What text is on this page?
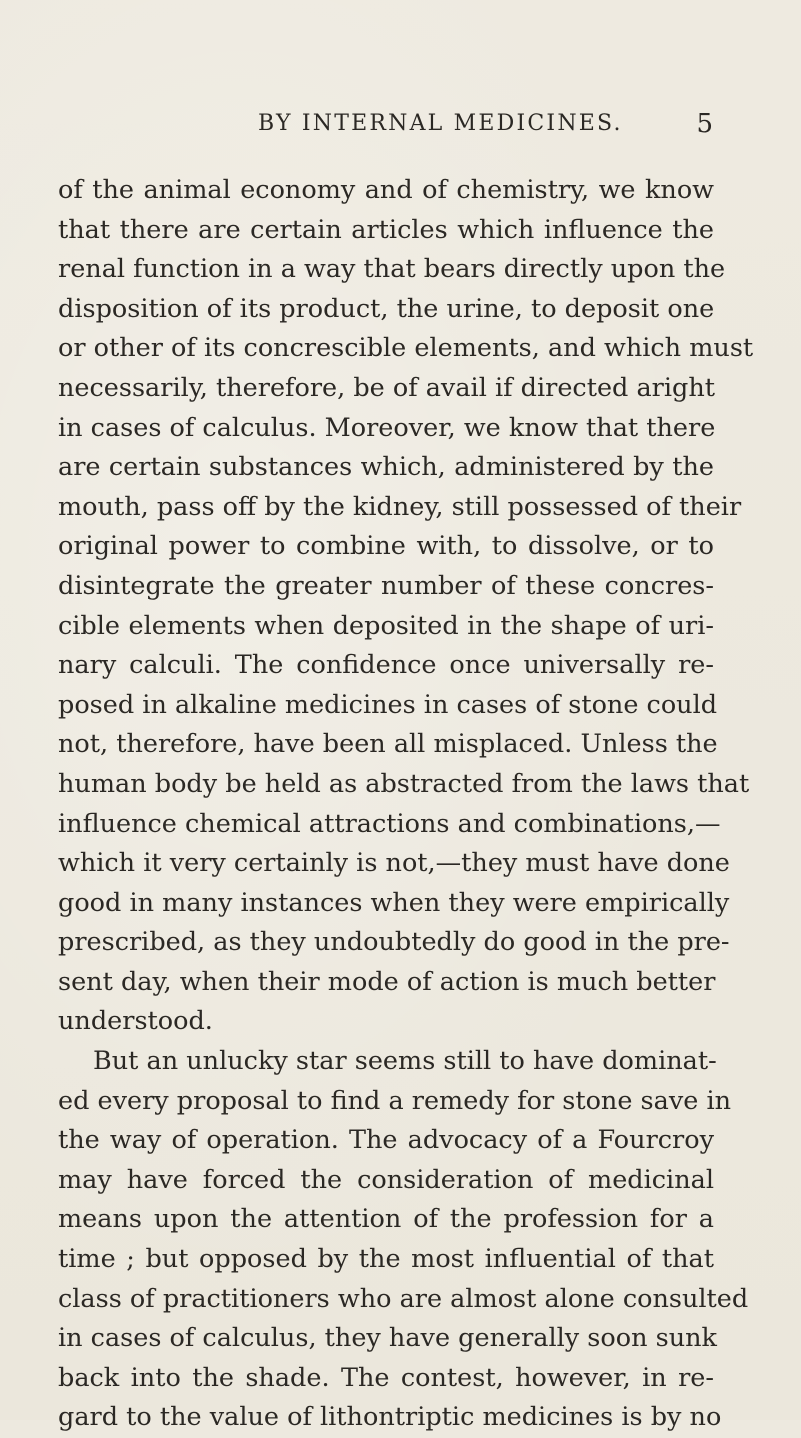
BY INTERNAL MEDICINES.	5
of the animal economy and of chemistry, we know
that there are certain articles which influence the
renal function in a way that bears directly upon the
disposition of its product, the urine, to deposit one
or other of its concrescible elements, and which must
necessarily, therefore, be of avail if directed aright
in cases of calculus. Moreover, we know that there
are certain substances which, administered by the
mouth, pass off by the kidney, still possessed of their
original power to combine with, to dissolve, or to
disintegrate the greater number of these concres-
cible elements when deposited in the shape of uri-
nary calculi. The confidence once universally re-
posed in alkaline medicines in cases of stone could
not, therefore, have been all misplaced. Unless the
human body be held as abstracted from the laws that
influence chemical attractions and combinations,—
which it very certainly is not,—they must have done
good in many instances when they were empirically
prescribed, as they undoubtedly do good in the pre-
sent day, when their mode of action is much better
understood.
But an unlucky star seems still to have dominat-
ed every proposal to find a remedy for stone save in
the way of operation. The advocacy of a Fourcroy
may have forced the consideration of medicinal
means upon the attention of the profession for a
time ; but opposed by the most influential of that
class of practitioners who are almost alone consulted
in cases of calculus, they have generally soon sunk
back into the shade. The contest, however, in re-
gard to the value of lithontriptic medicines is by no
